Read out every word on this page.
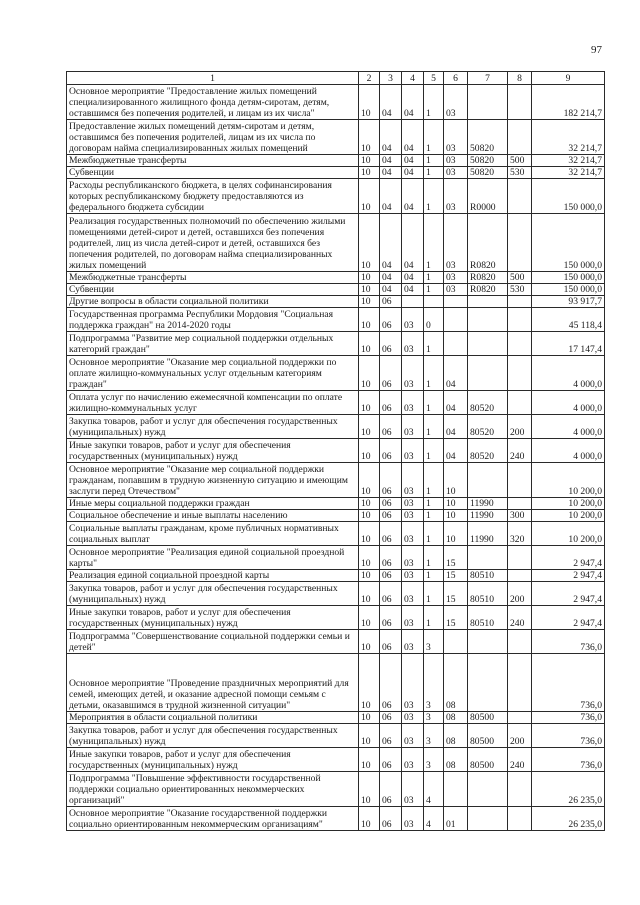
97
1	2	3	4	5	6	7	8	9
Основное мероприятие "Предоставление жилых помещений специализированного жилищного фонда детям-сиротам, детям, оставшимся без попечения родителей, и лицам из их числа"	10	04	04	1	03			182 214,7
Предоставление жилых помещений детям-сиротам и детям, оставшимся без попечения родителей, лицам из их числа по договорам найма специализированных жилых помещений	10	04	04	1	03	50820		32 214,7
Межбюджетные трансферты	10	04	04	1	03	50820	500	32 214,7
Субвенции	10	04	04	1	03	50820	530	32 214,7
Расходы республиканского бюджета, в целях софинансирования которых республиканскому бюджету предоставляются из федерального бюджета субсидии	10	04	04	1	03	R0000		150 000,0
Реализация государственных полномочий по обеспечению жилыми помещениями детей-сирот и детей, оставшихся без попечения родителей, лиц из числа детей-сирот и детей, оставшихся без попечения родителей, по договорам найма специализированных жилых помещений	10	04	04	1	03	R0820		150 000,0
Межбюджетные трансферты	10	04	04	1	03	R0820	500	150 000,0
Субвенции	10	04	04	1	03	R0820	530	150 000,0
Другие вопросы в области социальной политики	10	06						93 917,7
Государственная программа Республики Мордовия "Социальная поддержка граждан" на 2014-2020 годы	10	06	03	0				45 118,4
Подпрограмма "Развитие мер социальной поддержки отдельных категорий граждан"	10	06	03	1				17 147,4
Основное мероприятие "Оказание мер социальной поддержки по оплате жилищно-коммунальных услуг отдельным категориям граждан"	10	06	03	1	04			4 000,0
Оплата услуг по начислению ежемесячной компенсации по оплате жилищно-коммунальных услуг	10	06	03	1	04	80520		4 000,0
Закупка товаров, работ и услуг для обеспечения государственных (муниципальных) нужд	10	06	03	1	04	80520	200	4 000,0
Иные закупки товаров, работ и услуг для обеспечения государственных (муниципальных) нужд	10	06	03	1	04	80520	240	4 000,0
Основное мероприятие "Оказание мер социальной поддержки гражданам, попавшим в трудную жизненную ситуацию и имеющим заслуги перед Отечеством"	10	06	03	1	10			10 200,0
Иные меры социальной поддержки граждан	10	06	03	1	10	11990		10 200,0
Социальное обеспечение и иные выплаты населению	10	06	03	1	10	11990	300	10 200,0
Социальные выплаты гражданам, кроме публичных нормативных социальных выплат	10	06	03	1	10	11990	320	10 200,0
Основное мероприятие "Реализация единой социальной проездной карты"	10	06	03	1	15			2 947,4
Реализация единой социальной проездной карты	10	06	03	1	15	80510		2 947,4
Закупка товаров, работ и услуг для обеспечения государственных (муниципальных) нужд	10	06	03	1	15	80510	200	2 947,4
Иные закупки товаров, работ и услуг для обеспечения государственных (муниципальных) нужд	10	06	03	1	15	80510	240	2 947,4
Подпрограмма "Совершенствование социальной поддержки семьи и детей"	10	06	03	3				736,0
Основное мероприятие "Проведение праздничных мероприятий для семей, имеющих детей, и оказание адресной помощи семьям с детьми, оказавшимся в трудной жизненной ситуации"	10	06	03	3	08			736,0
Мероприятия в области социальной политики	10	06	03	3	08	80500		736,0
Закупка товаров, работ и услуг для обеспечения государственных (муниципальных) нужд	10	06	03	3	08	80500	200	736,0
Иные закупки товаров, работ и услуг для обеспечения государственных (муниципальных) нужд	10	06	03	3	08	80500	240	736,0
Подпрограмма "Повышение эффективности государственной поддержки социально ориентированных некоммерческих организаций"	10	06	03	4				26 235,0
Основное мероприятие "Оказание государственной поддержки социально ориентированным некоммерческим организациям"	10	06	03	4	01			26 235,0
